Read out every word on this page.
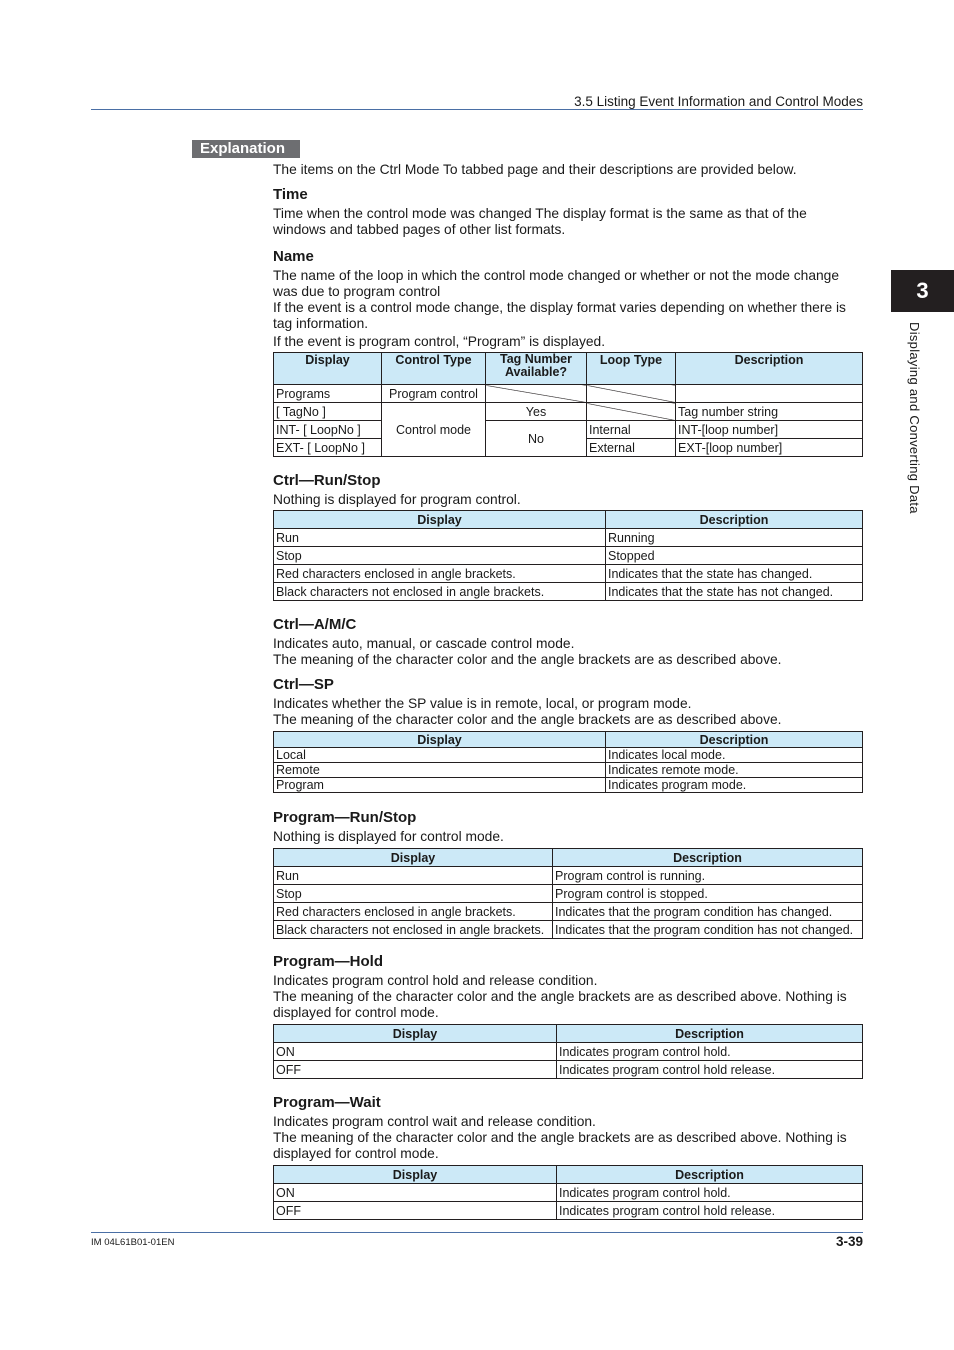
3.5 Listing Event Information and Control Modes
3
Displaying and Converting Data
Explanation
The items on the Ctrl Mode To tabbed page and their descriptions are provided below.
Time
Time when the control mode was changed The display format is the same as that of the windows and tabbed pages of other list formats.
Name
The name of the loop in which the control mode changed or whether or not the mode change was due to program control
If the event is a control mode change, the display format varies depending on whether there is tag information.
If the event is program control, “Program” is displayed.
Display	Control Type	Tag Number Available?	Loop Type	Description
Programs	Program control			
[ TagNo ]	Control mode	Yes		Tag number string
INT- [ LoopNo ]		No	Internal	INT-[loop number]
EXT- [ LoopNo ]			External	EXT-[loop number]
Ctrl—Run/Stop
Nothing is displayed for program control.
Display	Description
Run	Running
Stop	Stopped
Red characters enclosed in angle brackets.	Indicates that the state has changed.
Black characters not enclosed in angle brackets.	Indicates that the state has not changed.
Ctrl—A/M/C
Indicates auto, manual, or cascade control mode.
The meaning of the character color and the angle brackets are as described above.
Ctrl—SP
Indicates whether the SP value is in remote, local, or program mode.
The meaning of the character color and the angle brackets are as described above.
Display	Description
Local	Indicates local mode.
Remote	Indicates remote mode.
Program	Indicates program mode.
Program—Run/Stop
Nothing is displayed for control mode.
Display	Description
Run	Program control is running.
Stop	Program control is stopped.
Red characters enclosed in angle brackets.	Indicates that the program condition has changed.
Black characters not enclosed in angle brackets.	Indicates that the program condition has not changed.
Program—Hold
Indicates program control hold and release condition.
The meaning of the character color and the angle brackets are as described above. Nothing is displayed for control mode.
Display	Description
ON	Indicates program control hold.
OFF	Indicates program control hold release.
Program—Wait
Indicates program control wait and release condition.
The meaning of the character color and the angle brackets are as described above. Nothing is displayed for control mode.
Display	Description
ON	Indicates program control hold.
OFF	Indicates program control hold release.
IM 04L61B01-01EN	3-39
